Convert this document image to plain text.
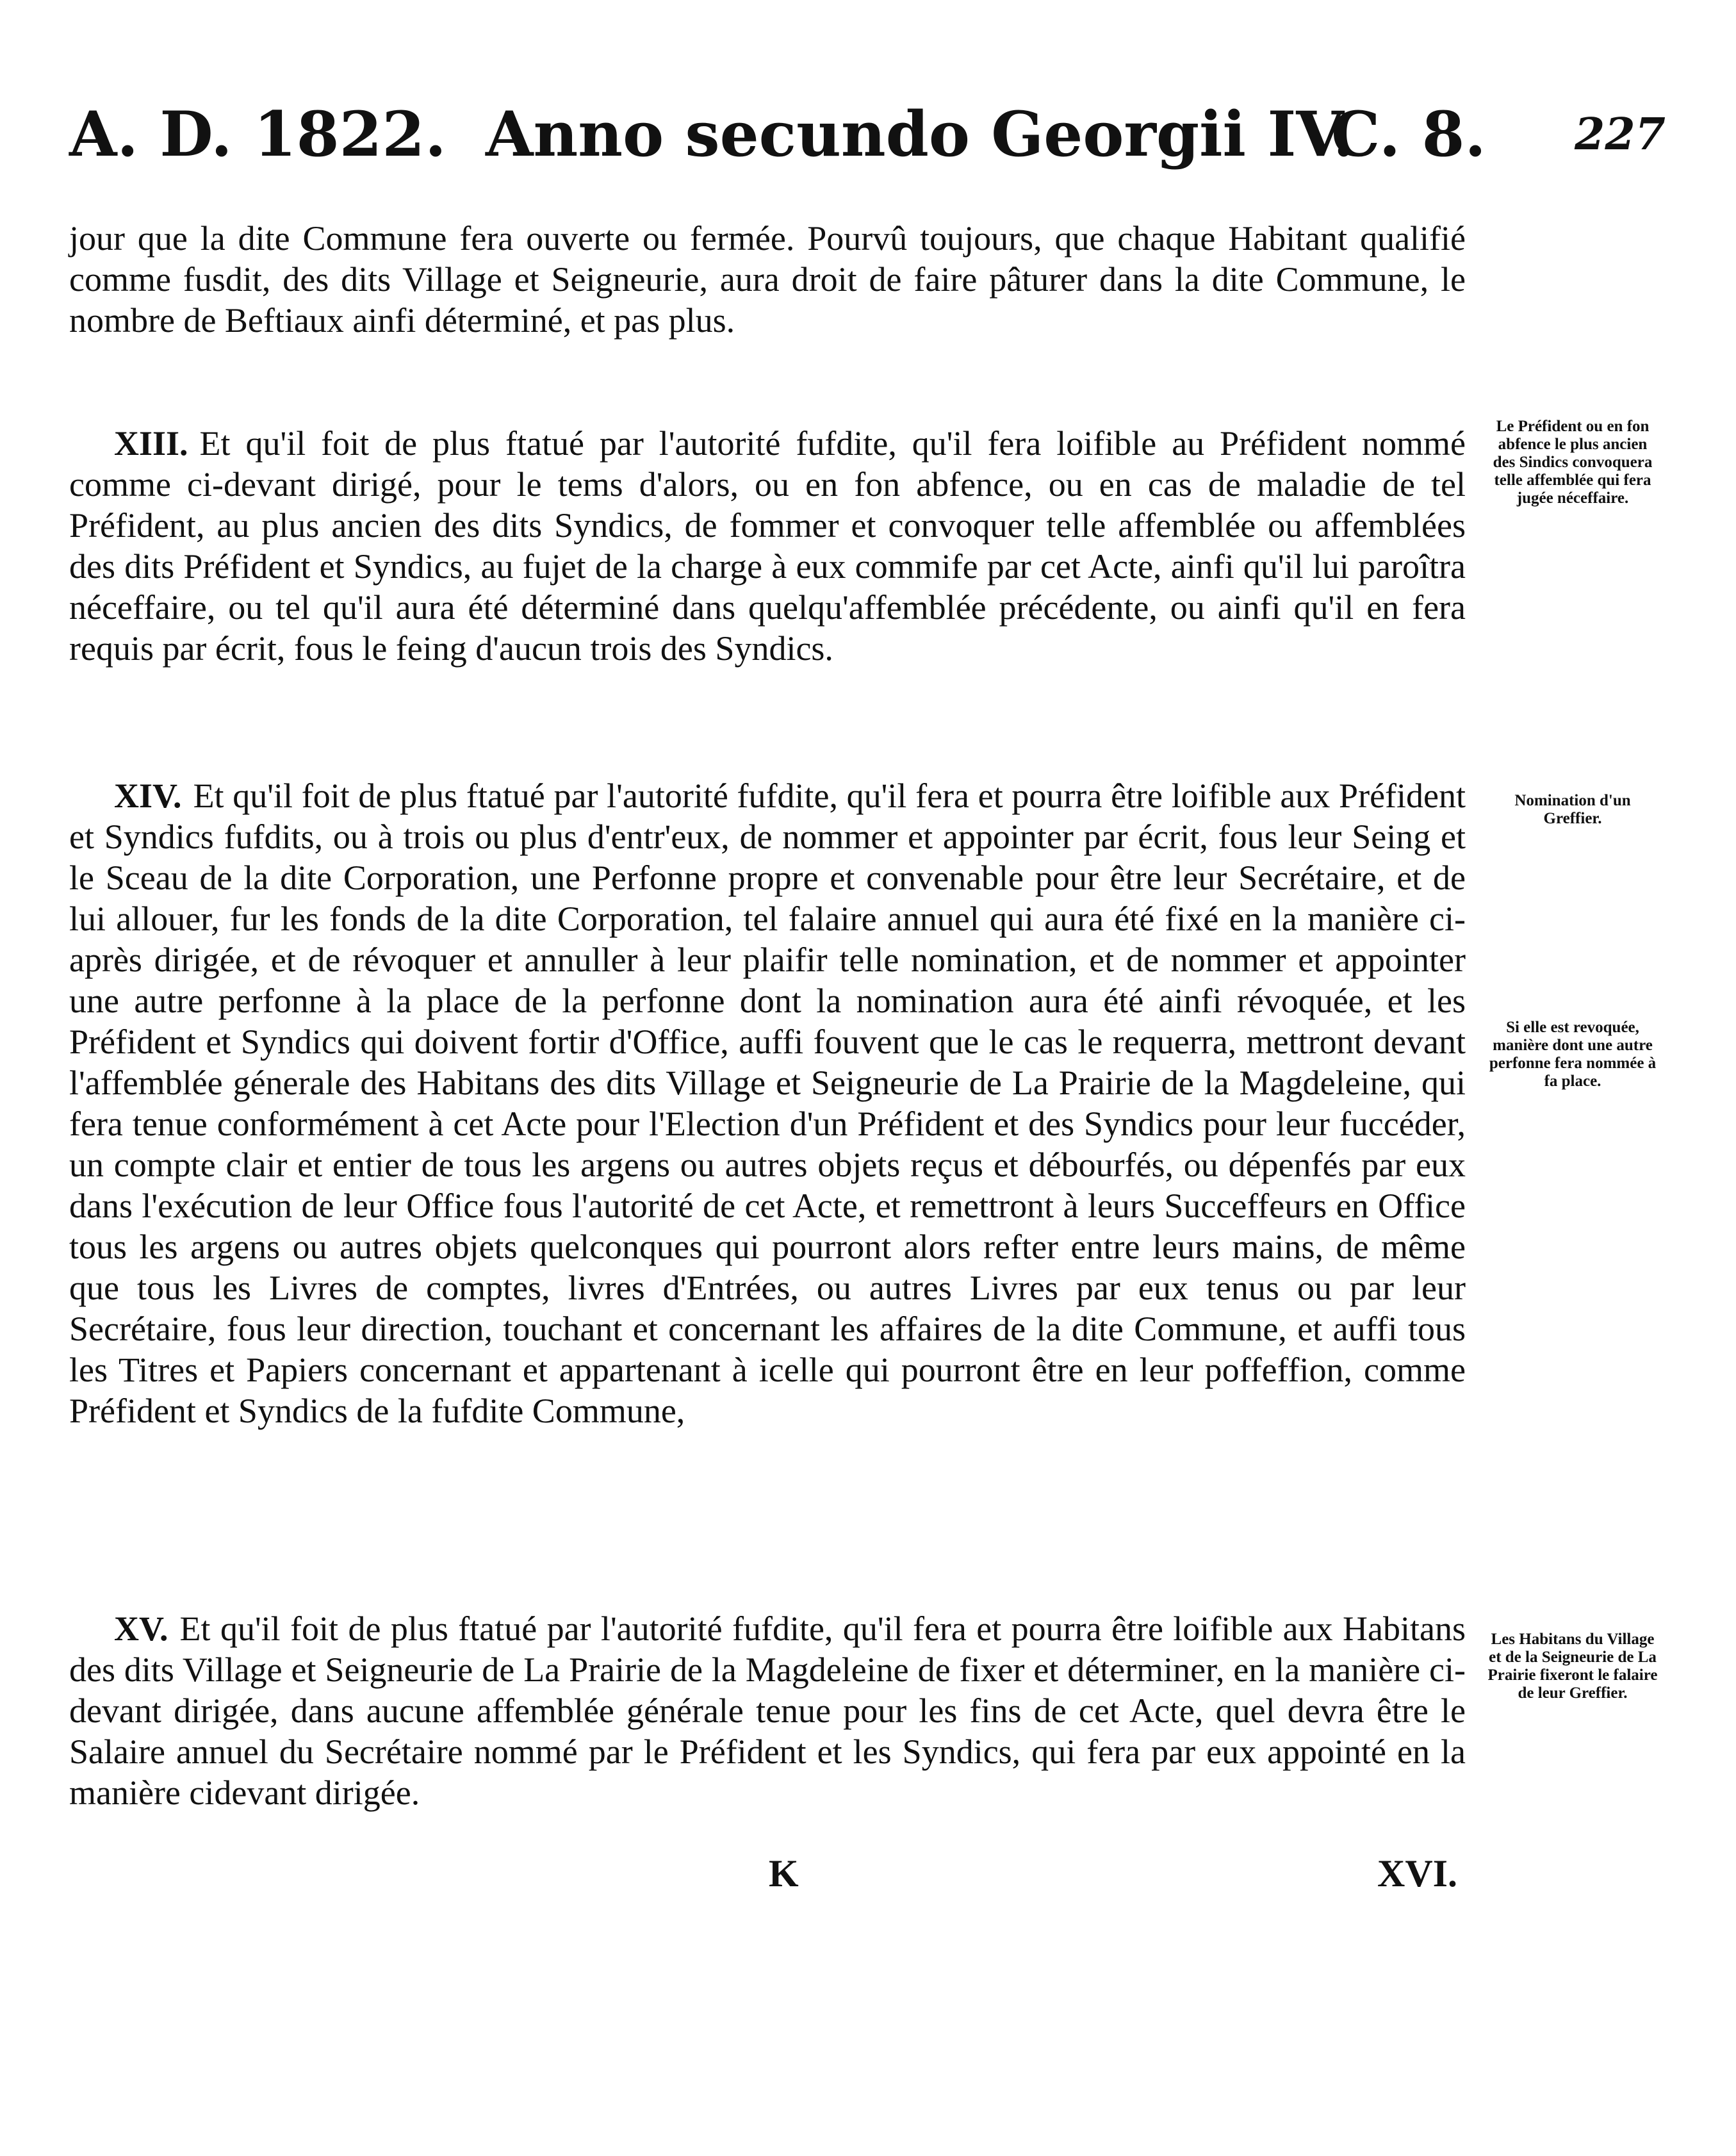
A. D. 1822. Anno secundo Georgii IV.
C. 8. 227

jour que la dite Commune fera ouverte ou fermée. Pourvû toujours, que chaque Habitant qualifié comme fusdit, des dits Village et Seigneurie, aura droit de faire pâturer dans la dite Commune, le nombre de Beftiaux ainfi déterminé, et pas plus.

XIII. Et qu'il foit de plus ftatué par l'autorité fufdite, qu'il fera loifible au Préfident nommé comme ci-devant dirigé, pour le tems d'alors, ou en fon abfence, ou en cas de maladie de tel Préfident, au plus ancien des dits Syndics, de fommer et convoquer telle affemblée ou affemblées des dits Préfident et Syndics, au fujet de la charge à eux commife par cet Acte, ainfi qu'il lui paroîtra néceffaire, ou tel qu'il aura été déterminé dans quelqu'affemblée précédente, ou ainfi qu'il en fera requis par écrit, fous le feing d'aucun trois des Syndics.

XIV. Et qu'il foit de plus ftatué par l'autorité fufdite, qu'il fera et pourra être loifible aux Préfident et Syndics fufdits, ou à trois ou plus d'entr'eux, de nommer et appointer par écrit, fous leur Seing et le Sceau de la dite Corporation, une Perfonne propre et convenable pour être leur Secrétaire, et de lui allouer, fur les fonds de la dite Corporation, tel falaire annuel qui aura été fixé en la manière ci-après dirigée, et de révoquer et annuller à leur plaifir telle nomination, et de nommer et appointer une autre perfonne à la place de la perfonne dont la nomination aura été ainfi révoquée, et les Préfident et Syndics qui doivent fortir d'Office, auffi fouvent que le cas le requerra, mettront devant l'affemblée génerale des Habitans des dits Village et Seigneurie de La Prairie de la Magdeleine, qui fera tenue conformément à cet Acte pour l'Election d'un Préfident et des Syndics pour leur fuccéder, un compte clair et entier de tous les argens ou autres objets reçus et débourfés, ou dépenfés par eux dans l'exécution de leur Office fous l'autorité de cet Acte, et remettront à leurs Succeffeurs en Office tous les argens ou autres objets quelconques qui pourront alors refter entre leurs mains, de même que tous les Livres de comptes, livres d'Entrées, ou autres Livres par eux tenus ou par leur Secrétaire, fous leur direction, touchant et concernant les affaires de la dite Commune, et auffi tous les Titres et Papiers concernant et appartenant à icelle qui pourront être en leur poffeffion, comme Préfident et Syndics de la fufdite Commune,

XV. Et qu'il foit de plus ftatué par l'autorité fufdite, qu'il fera et pourra être loifible aux Habitans des dits Village et Seigneurie de La Prairie de la Magdeleine de fixer et déterminer, en la manière ci-devant dirigée, dans aucune affemblée générale tenue pour les fins de cet Acte, quel devra être le Salaire annuel du Secrétaire nommé par le Préfident et les Syndics, qui fera par eux appointé en la manière cidevant dirigée.

Le Préfident ou en fon abfence le plus ancien des Sindics convoquera telle affemblée qui fera jugée néceffaire.
Nomination d'un Greffier.
Si elle est revoquée, manière dont une autre perfonne fera nommée à fa place.
Les Habitans du Village et de la Seigneurie de La Prairie fixeront le falaire de leur Greffier.
K	XVI.
